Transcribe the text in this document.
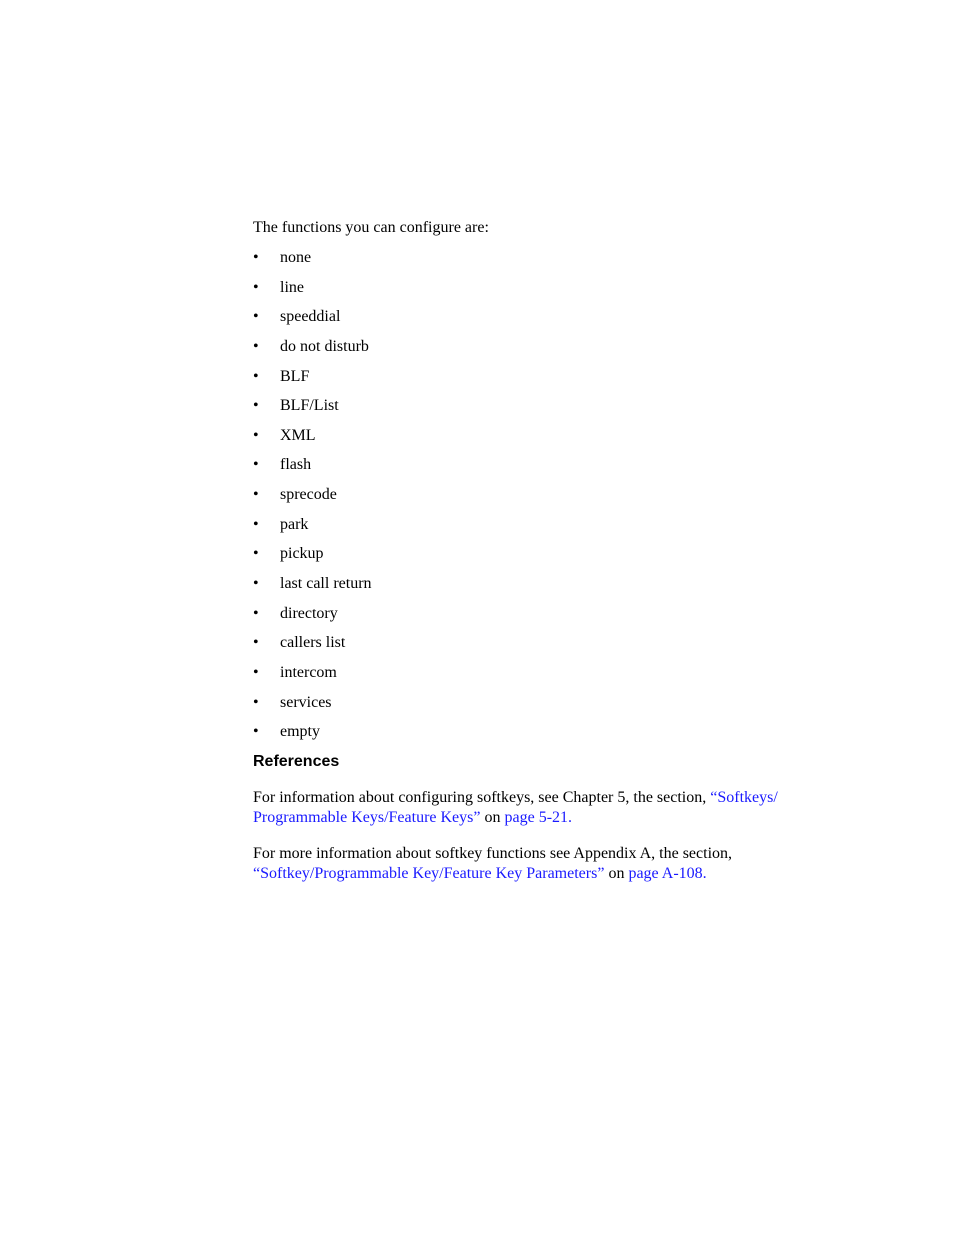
The functions you can configure are:

• none
• line
• speeddial
• do not disturb
• BLF
• BLF/List
• XML
• flash
• sprecode
• park
• pickup
• last call return
• directory
• callers list
• intercom
• services
• empty
References

For information about configuring softkeys, see Chapter 5, the section, “Softkeys/
Programmable Keys/Feature Keys” on page 5-21.

For more information about softkey functions see Appendix A, the section,
“Softkey/Programmable Key/Feature Key Parameters” on page A-108.
